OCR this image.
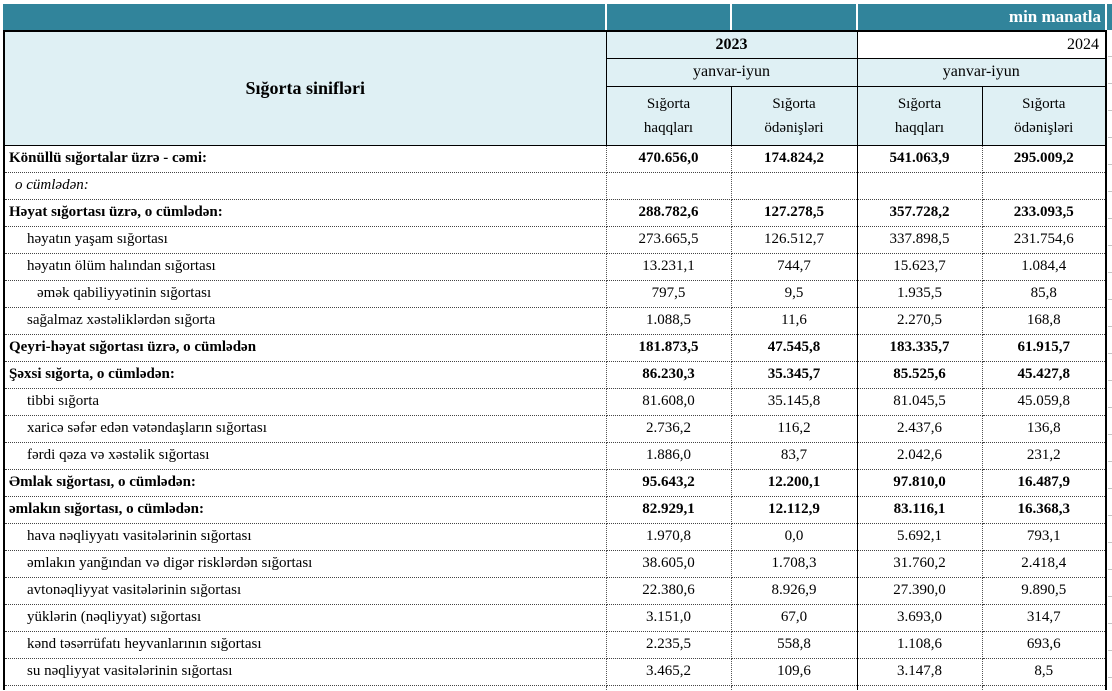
min manatla
Sığorta sinifləri	2023		2024	
	yanvar-iyun		yanvar-iyun	
	Sığorta haqqları	Sığorta ödənişləri	Sığorta haqqları	Sığorta ödənişləri
Könüllü sığortalar üzrə - cəmi:	470.656,0	174.824,2	541.063,9	295.009,2
o cümlədən:				
Həyat sığortası üzrə, o cümlədən:	288.782,6	127.278,5	357.728,2	233.093,5
həyatın yaşam sığortası	273.665,5	126.512,7	337.898,5	231.754,6
həyatın ölüm halından sığortası	13.231,1	744,7	15.623,7	1.084,4
əmək qabiliyyətinin sığortası	797,5	9,5	1.935,5	85,8
sağalmaz xəstəliklərdən sığorta	1.088,5	11,6	2.270,5	168,8
Qeyri-həyat sığortası üzrə, o cümlədən	181.873,5	47.545,8	183.335,7	61.915,7
Şəxsi sığorta, o cümlədən:	86.230,3	35.345,7	85.525,6	45.427,8
tibbi sığorta	81.608,0	35.145,8	81.045,5	45.059,8
xaricə səfər edən vətəndaşların sığortası	2.736,2	116,2	2.437,6	136,8
fərdi qəza və xəstəlik sığortası	1.886,0	83,7	2.042,6	231,2
Əmlak sığortası, o cümlədən:	95.643,2	12.200,1	97.810,0	16.487,9
əmlakın sığortası, o cümlədən:	82.929,1	12.112,9	83.116,1	16.368,3
hava nəqliyyatı vasitələrinin sığortası	1.970,8	0,0	5.692,1	793,1
əmlakın yanğından və digər risklərdən sığortası	38.605,0	1.708,3	31.760,2	2.418,4
avtonəqliyyat vasitələrinin sığortası	22.380,6	8.926,9	27.390,0	9.890,5
yüklərin (nəqliyyat) sığortası	3.151,0	67,0	3.693,0	314,7
kənd təsərrüfatı heyvanlarının sığortası	2.235,5	558,8	1.108,6	693,6
su nəqliyyat vasitələrinin sığortası	3.465,2	109,6	3.147,8	8,5
